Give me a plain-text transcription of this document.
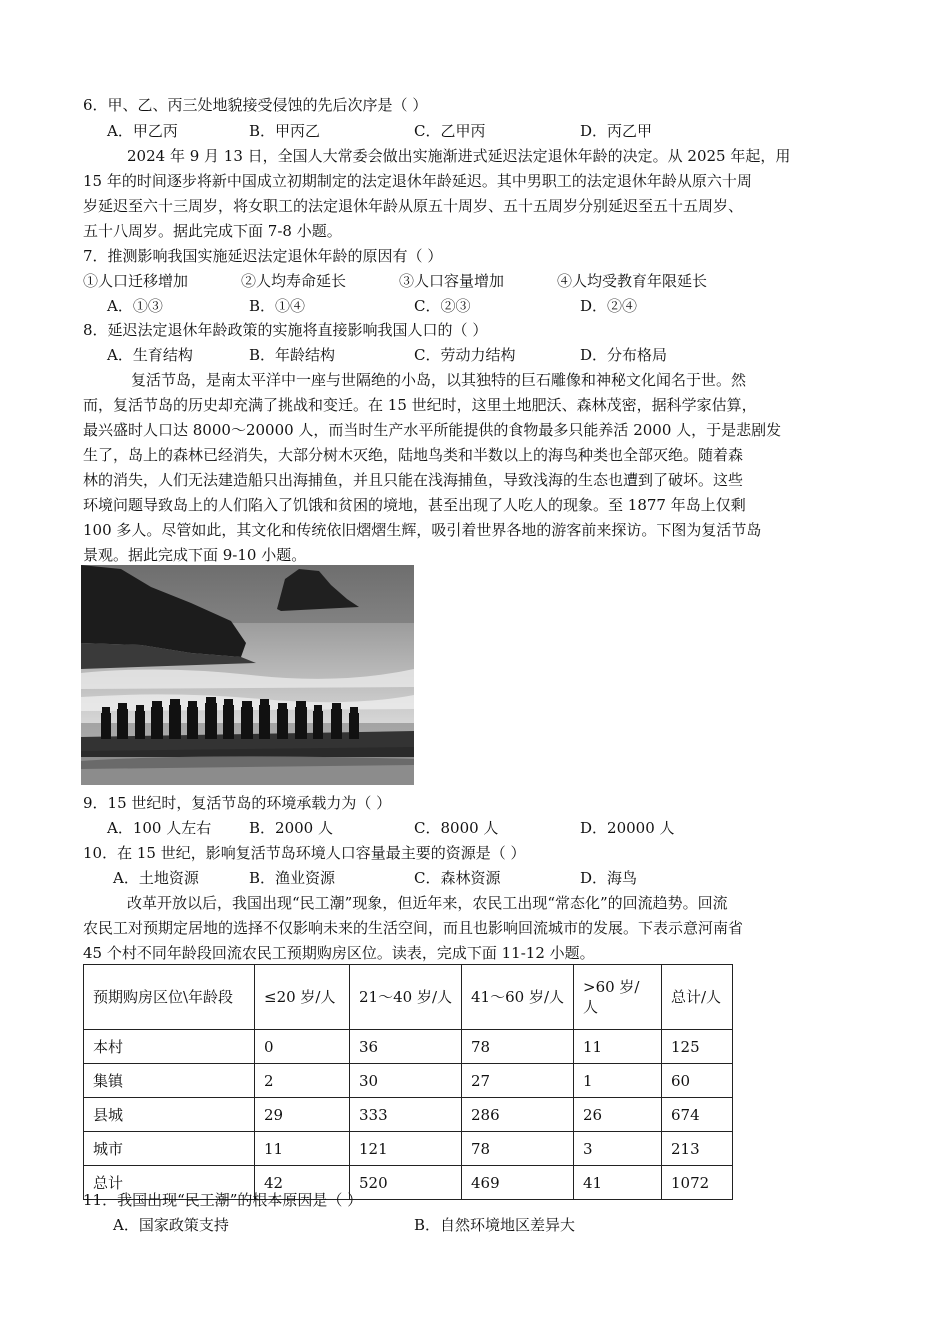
6．甲、乙、丙三处地貌接受侵蚀的先后次序是（ ）
A．甲乙丙	B．甲丙乙	C．乙甲丙	D．丙乙甲
2024 年 9 月 13 日，全国人大常委会做出实施渐进式延迟法定退休年龄的决定。从 2025 年起，用
15 年的时间逐步将新中国成立初期制定的法定退休年龄延迟。其中男职工的法定退休年龄从原六十周
岁延迟至六十三周岁，将女职工的法定退休年龄从原五十周岁、五十五周岁分别延迟至五十五周岁、
五十八周岁。据此完成下面 7-8 小题。
7．推测影响我国实施延迟法定退休年龄的原因有（ ）
①人口迁移增加	②人均寿命延长	③人口容量增加	④人均受教育年限延长
A．①③	B．①④	C．②③	D．②④
8．延迟法定退休年龄政策的实施将直接影响我国人口的（ ）
A．生育结构	B．年龄结构	C．劳动力结构	D．分布格局
复活节岛，是南太平洋中一座与世隔绝的小岛，以其独特的巨石雕像和神秘文化闻名于世。然
而，复活节岛的历史却充满了挑战和变迁。在 15 世纪时，这里土地肥沃、森林茂密，据科学家估算，
最兴盛时人口达 8000～20000 人，而当时生产水平所能提供的食物最多只能养活 2000 人，于是悲剧发
生了，岛上的森林已经消失，大部分树木灭绝，陆地鸟类和半数以上的海鸟种类也全部灭绝。随着森
林的消失，人们无法建造船只出海捕鱼，并且只能在浅海捕鱼，导致浅海的生态也遭到了破坏。这些
环境问题导致岛上的人们陷入了饥饿和贫困的境地，甚至出现了人吃人的现象。至 1877 年岛上仅剩
100 多人。尽管如此，其文化和传统依旧熠熠生辉，吸引着世界各地的游客前来探访。下图为复活节岛
景观。据此完成下面 9-10 小题。
9．15 世纪时，复活节岛的环境承载力为（ ）
A．100 人左右	B．2000 人	C．8000 人	D．20000 人
10．在 15 世纪，影响复活节岛环境人口容量最主要的资源是（ ）
A．土地资源	B．渔业资源	C．森林资源	D．海鸟
改革开放以后，我国出现“民工潮”现象，但近年来，农民工出现“常态化”的回流趋势。回流
农民工对预期定居地的选择不仅影响未来的生活空间，而且也影响回流城市的发展。下表示意河南省
45 个村不同年龄段回流农民工预期购房区位。读表，完成下面 11-12 小题。
预期购房区位\年龄段	≤20 岁/人	21～40 岁/人	41～60 岁/人	>60 岁/人	总计/人
本村	0	36	78	11	125
集镇	2	30	27	1	60
县城	29	333	286	26	674
城市	11	121	78	3	213
总计	42	520	469	41	1072
11．我国出现“民工潮”的根本原因是（ ）
A．国家政策支持	B．自然环境地区差异大
